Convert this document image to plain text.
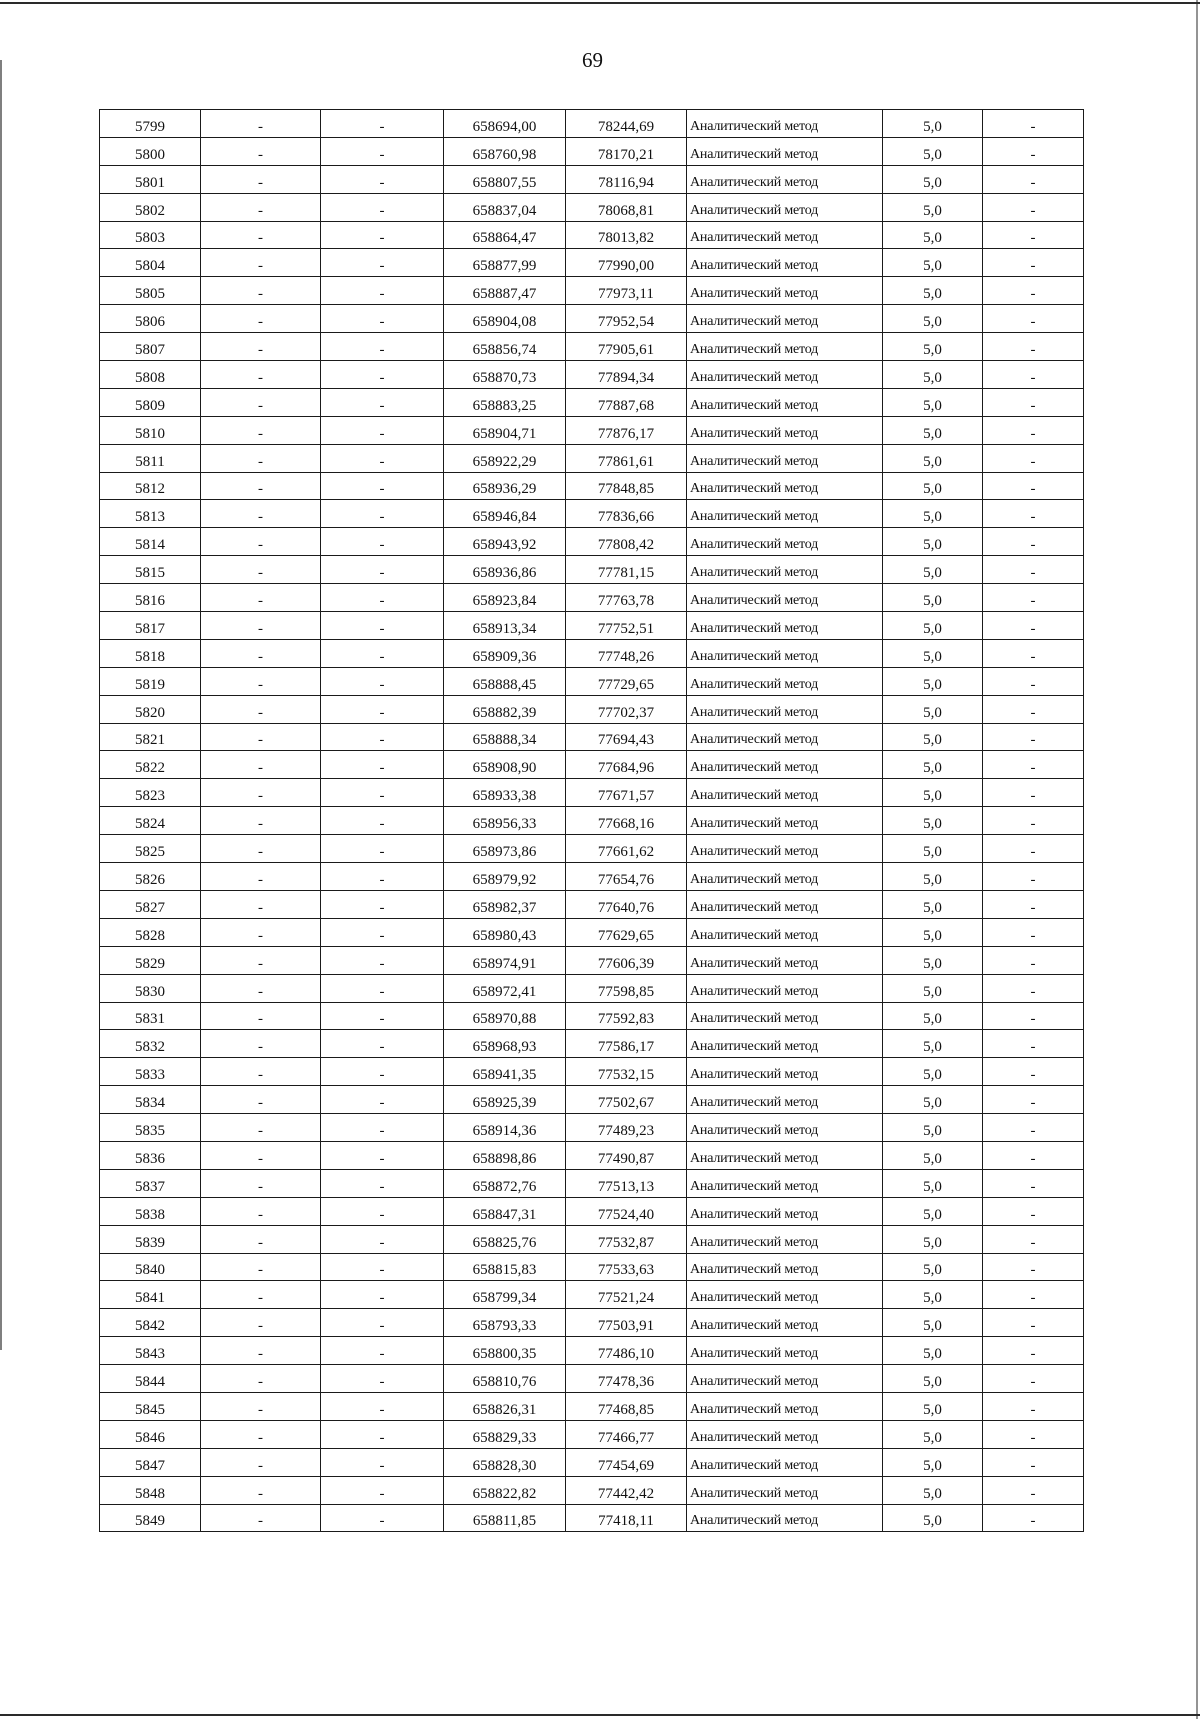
69
5799	-	-	658694,00	78244,69	Аналитический метод	5,0	-
5800	-	-	658760,98	78170,21	Аналитический метод	5,0	-
5801	-	-	658807,55	78116,94	Аналитический метод	5,0	-
5802	-	-	658837,04	78068,81	Аналитический метод	5,0	-
5803	-	-	658864,47	78013,82	Аналитический метод	5,0	-
5804	-	-	658877,99	77990,00	Аналитический метод	5,0	-
5805	-	-	658887,47	77973,11	Аналитический метод	5,0	-
5806	-	-	658904,08	77952,54	Аналитический метод	5,0	-
5807	-	-	658856,74	77905,61	Аналитический метод	5,0	-
5808	-	-	658870,73	77894,34	Аналитический метод	5,0	-
5809	-	-	658883,25	77887,68	Аналитический метод	5,0	-
5810	-	-	658904,71	77876,17	Аналитический метод	5,0	-
5811	-	-	658922,29	77861,61	Аналитический метод	5,0	-
5812	-	-	658936,29	77848,85	Аналитический метод	5,0	-
5813	-	-	658946,84	77836,66	Аналитический метод	5,0	-
5814	-	-	658943,92	77808,42	Аналитический метод	5,0	-
5815	-	-	658936,86	77781,15	Аналитический метод	5,0	-
5816	-	-	658923,84	77763,78	Аналитический метод	5,0	-
5817	-	-	658913,34	77752,51	Аналитический метод	5,0	-
5818	-	-	658909,36	77748,26	Аналитический метод	5,0	-
5819	-	-	658888,45	77729,65	Аналитический метод	5,0	-
5820	-	-	658882,39	77702,37	Аналитический метод	5,0	-
5821	-	-	658888,34	77694,43	Аналитический метод	5,0	-
5822	-	-	658908,90	77684,96	Аналитический метод	5,0	-
5823	-	-	658933,38	77671,57	Аналитический метод	5,0	-
5824	-	-	658956,33	77668,16	Аналитический метод	5,0	-
5825	-	-	658973,86	77661,62	Аналитический метод	5,0	-
5826	-	-	658979,92	77654,76	Аналитический метод	5,0	-
5827	-	-	658982,37	77640,76	Аналитический метод	5,0	-
5828	-	-	658980,43	77629,65	Аналитический метод	5,0	-
5829	-	-	658974,91	77606,39	Аналитический метод	5,0	-
5830	-	-	658972,41	77598,85	Аналитический метод	5,0	-
5831	-	-	658970,88	77592,83	Аналитический метод	5,0	-
5832	-	-	658968,93	77586,17	Аналитический метод	5,0	-
5833	-	-	658941,35	77532,15	Аналитический метод	5,0	-
5834	-	-	658925,39	77502,67	Аналитический метод	5,0	-
5835	-	-	658914,36	77489,23	Аналитический метод	5,0	-
5836	-	-	658898,86	77490,87	Аналитический метод	5,0	-
5837	-	-	658872,76	77513,13	Аналитический метод	5,0	-
5838	-	-	658847,31	77524,40	Аналитический метод	5,0	-
5839	-	-	658825,76	77532,87	Аналитический метод	5,0	-
5840	-	-	658815,83	77533,63	Аналитический метод	5,0	-
5841	-	-	658799,34	77521,24	Аналитический метод	5,0	-
5842	-	-	658793,33	77503,91	Аналитический метод	5,0	-
5843	-	-	658800,35	77486,10	Аналитический метод	5,0	-
5844	-	-	658810,76	77478,36	Аналитический метод	5,0	-
5845	-	-	658826,31	77468,85	Аналитический метод	5,0	-
5846	-	-	658829,33	77466,77	Аналитический метод	5,0	-
5847	-	-	658828,30	77454,69	Аналитический метод	5,0	-
5848	-	-	658822,82	77442,42	Аналитический метод	5,0	-
5849	-	-	658811,85	77418,11	Аналитический метод	5,0	-
